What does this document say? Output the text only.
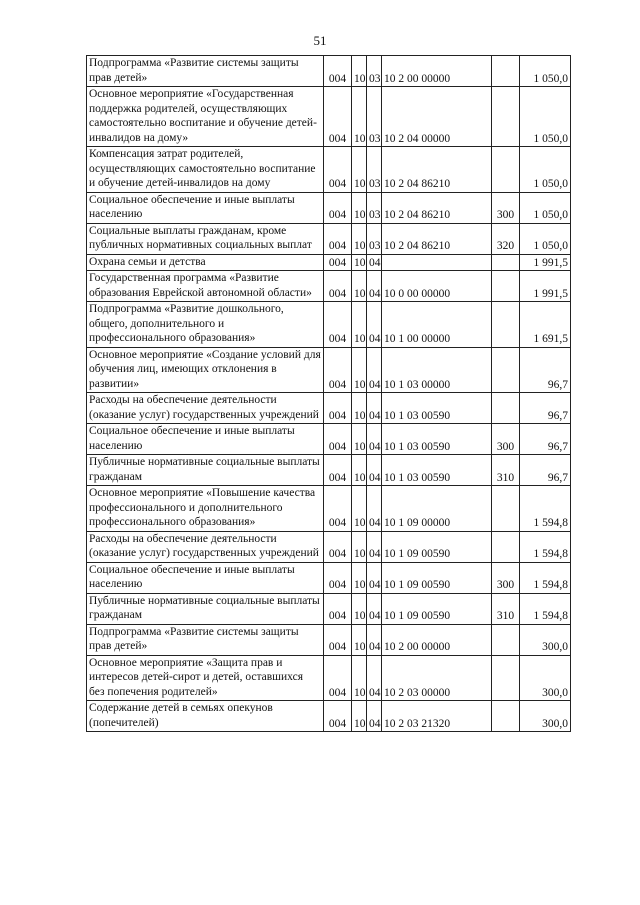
51
Подпрограмма «Развитие системы защиты прав детей»	004	10	03	10 2 00 00000		1 050,0
Основное мероприятие «Государственная поддержка родителей, осуществляющих самостоятельно воспитание и обучение детей-инвалидов на дому»	004	10	03	10 2 04 00000		1 050,0
Компенсация затрат родителей, осуществляющих самостоятельно воспитание и обучение детей-инвалидов на дому	004	10	03	10 2 04 86210		1 050,0
Социальное обеспечение и иные выплаты населению	004	10	03	10 2 04 86210	300	1 050,0
Социальные выплаты гражданам, кроме публичных нормативных социальных выплат	004	10	03	10 2 04 86210	320	1 050,0
Охрана семьи и детства	004	10	04			1 991,5
Государственная программа «Развитие образования Еврейской автономной области»	004	10	04	10 0 00 00000		1 991,5
Подпрограмма «Развитие дошкольного, общего, дополнительного и профессионального образования»	004	10	04	10 1 00 00000		1 691,5
Основное мероприятие «Создание условий для обучения лиц, имеющих отклонения в развитии»	004	10	04	10 1 03 00000		96,7
Расходы на обеспечение деятельности (оказание услуг) государственных учреждений	004	10	04	10 1 03 00590		96,7
Социальное обеспечение и иные выплаты населению	004	10	04	10 1 03 00590	300	96,7
Публичные нормативные социальные выплаты гражданам	004	10	04	10 1 03 00590	310	96,7
Основное мероприятие «Повышение качества профессионального и дополнительного профессионального образования»	004	10	04	10 1 09 00000		1 594,8
Расходы на обеспечение деятельности (оказание услуг) государственных учреждений	004	10	04	10 1 09 00590		1 594,8
Социальное обеспечение и иные выплаты населению	004	10	04	10 1 09 00590	300	1 594,8
Публичные нормативные социальные выплаты гражданам	004	10	04	10 1 09 00590	310	1 594,8
Подпрограмма «Развитие системы защиты прав детей»	004	10	04	10 2 00 00000		300,0
Основное мероприятие «Защита прав и интересов детей-сирот и детей, оставшихся без попечения родителей»	004	10	04	10 2 03 00000		300,0
Содержание детей в семьях опекунов (попечителей)	004	10	04	10 2 03 21320		300,0
